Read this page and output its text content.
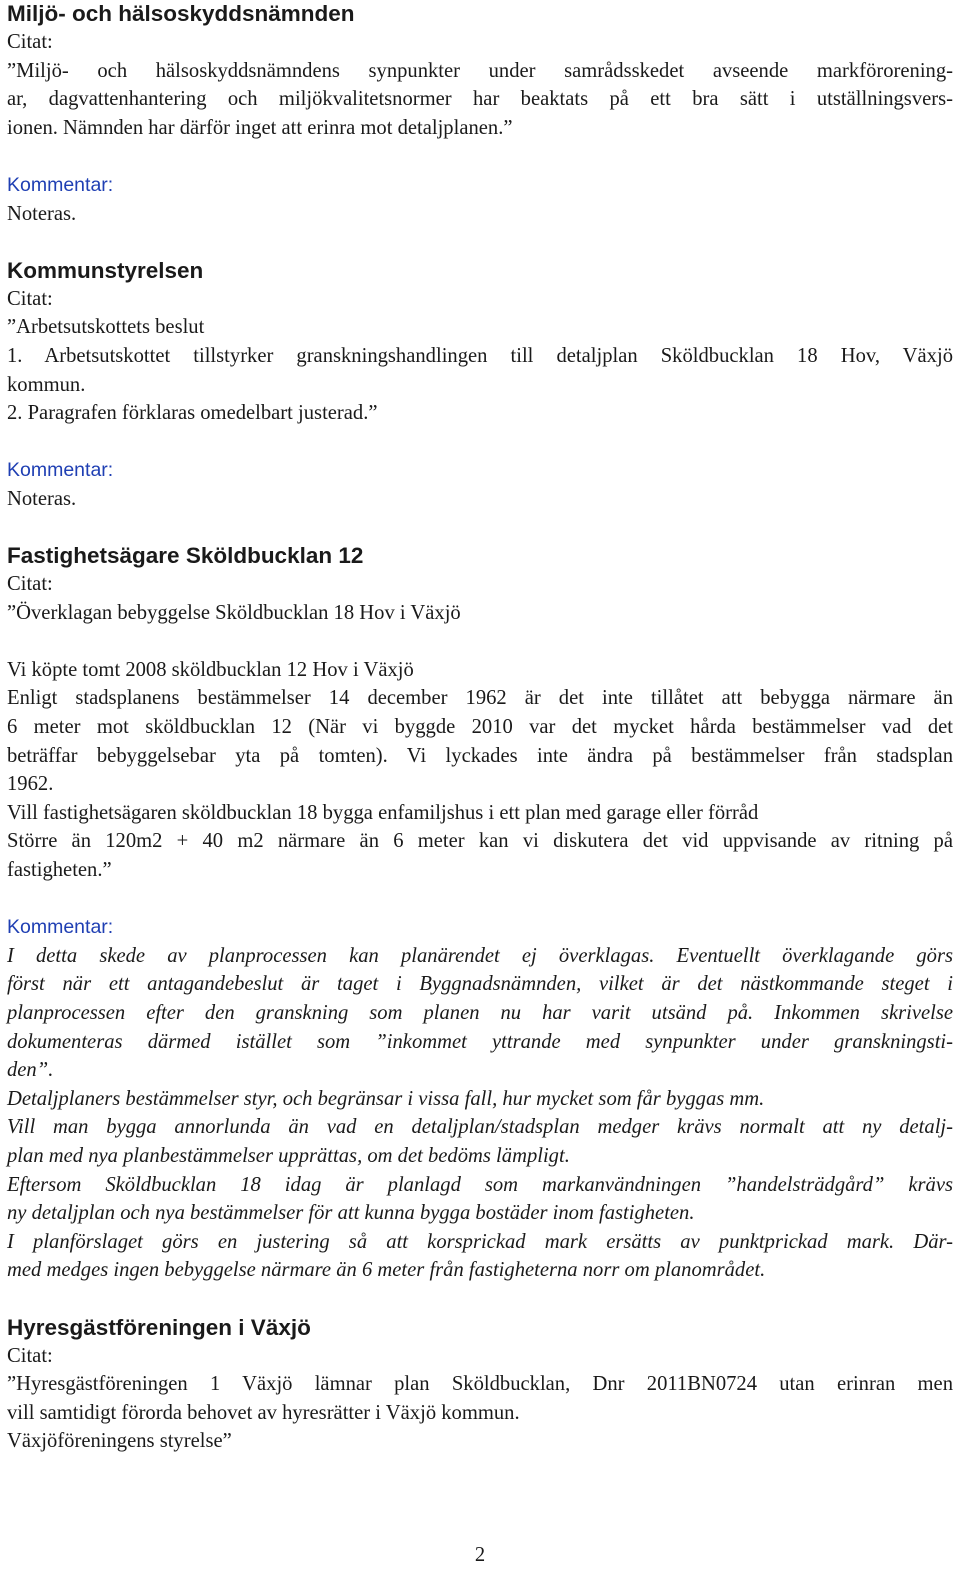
Miljö- och hälsoskyddsnämnden
Citat:
”Miljö- och hälsoskyddsnämndens synpunkter under samrådsskedet avseende markförorening-
ar, dagvattenhantering och miljökvalitetsnormer har beaktats på ett bra sätt i utställningsvers-
ionen. Nämnden har därför inget att erinra mot detaljplanen.”
Kommentar:
Noteras.
Kommunstyrelsen
Citat:
”Arbetsutskottets beslut
1. Arbetsutskottet tillstyrker granskningshandlingen till detaljplan Sköldbucklan 18 Hov, Växjö
kommun.
2. Paragrafen förklaras omedelbart justerad.”
Kommentar:
Noteras.
Fastighetsägare Sköldbucklan 12
Citat:
”Överklagan bebyggelse Sköldbucklan 18 Hov i Växjö
Vi köpte tomt 2008 sköldbucklan 12 Hov i Växjö
Enligt stadsplanens bestämmelser 14 december 1962 är det inte tillåtet att bebygga närmare än
6 meter mot sköldbucklan 12 (När vi byggde 2010 var det mycket hårda bestämmelser vad det
beträffar bebyggelsebar yta på tomten). Vi lyckades inte ändra på bestämmelser från stadsplan
1962.
Vill fastighetsägaren sköldbucklan 18 bygga enfamiljshus i ett plan med garage eller förråd
Större än 120m2 + 40 m2 närmare än 6 meter kan vi diskutera det vid uppvisande av ritning på
fastigheten.”
Kommentar:
I detta skede av planprocessen kan planärendet ej överklagas. Eventuellt överklagande görs
först när ett antagandebeslut är taget i Byggnadsnämnden, vilket är det nästkommande steget i
planprocessen efter den granskning som planen nu har varit utsänd på. Inkommen skrivelse
dokumenteras därmed istället som ”inkommet yttrande med synpunkter under granskningsti-
den”.
Detaljplaners bestämmelser styr, och begränsar i vissa fall, hur mycket som får byggas mm.
Vill man bygga annorlunda än vad en detaljplan/stadsplan medger krävs normalt att ny detalj-
plan med nya planbestämmelser upprättas, om det bedöms lämpligt.
Eftersom Sköldbucklan 18 idag är planlagd som markanvändningen ”handelsträdgård” krävs
ny detaljplan och nya bestämmelser för att kunna bygga bostäder inom fastigheten.
I planförslaget görs en justering så att korsprickad mark ersätts av punktprickad mark. Där-
med medges ingen bebyggelse närmare än 6 meter från fastigheterna norr om planområdet.
Hyresgästföreningen i Växjö
Citat:
”Hyresgästföreningen 1 Växjö lämnar plan Sköldbucklan, Dnr 2011BN0724 utan erinran men
vill samtidigt förorda behovet av hyresrätter i Växjö kommun.
Växjöföreningens styrelse”
2
